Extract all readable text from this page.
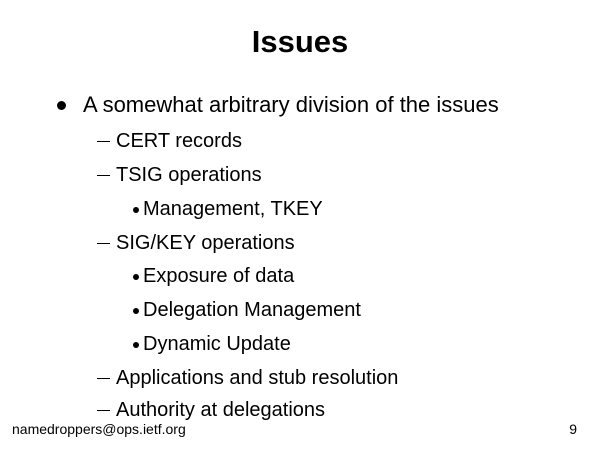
Issues
A somewhat arbitrary division of the issues
CERT records
TSIG operations
Management, TKEY
SIG/KEY operations
Exposure of data
Delegation Management
Dynamic Update
Applications and stub resolution
Authority at delegations
namedroppers@ops.ietf.org	9
